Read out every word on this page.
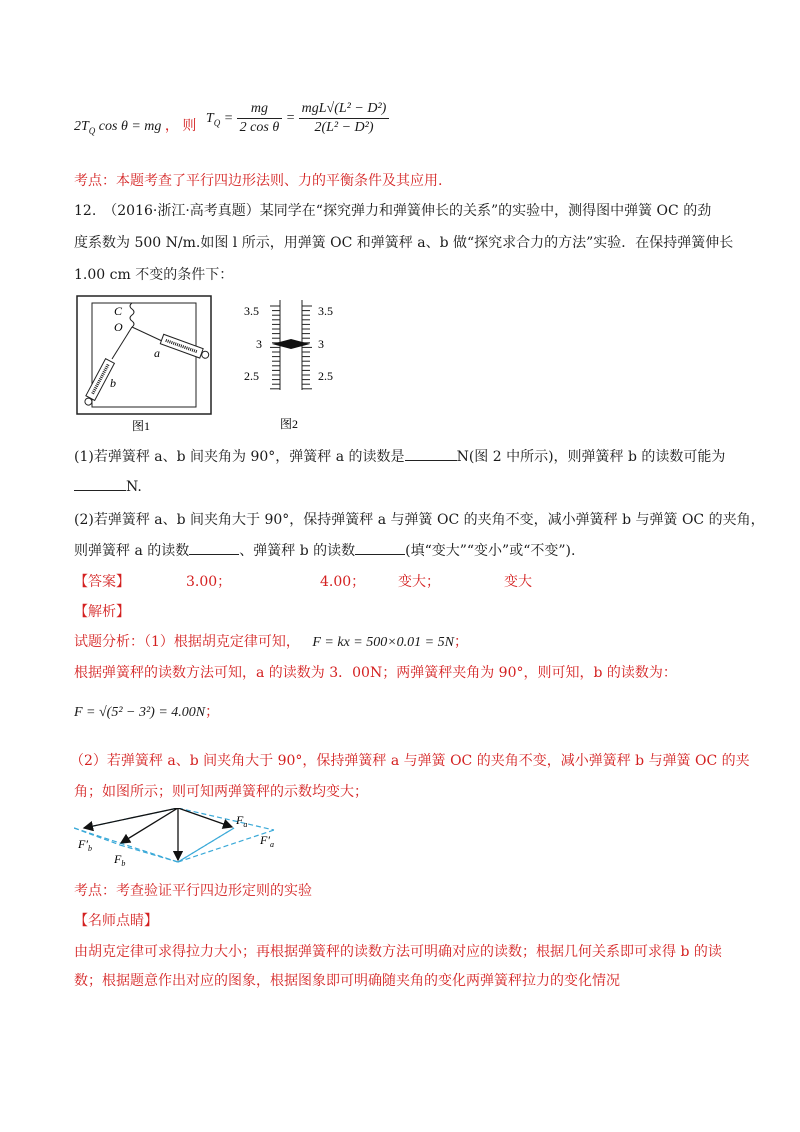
$2T_Q$ cos θ = mg ， 则 $T_Q = \frac{mg}{\text{2 cos θ}} = \frac{\text{mgL√(L² − D²)}}{\text{2(L² − D²)}}$
考点：本题考查了平行四边形法则、力的平衡条件及其应用.
12.　（2016·浙江·高考真题）某同学在“探究弹力和弹簧伸长的关系”的实验中，测得图中弹簧 OC 的劲
度系数为 500 N/m.如图 l 所示，用弹簧 OC 和弹簧秤 a、b 做“探究求合力的方法”实验．在保持弹簧伸长
1.00 cm 不变的条件下：
C
O
a
b
图1
3.5
3
2.5
3.5
3
2.5
图2
(1)若弹簧秤 a、b 间夹角为 90°，弹簧秤 a 的读数是	N(图 2 中所示)，则弹簧秤 b 的读数可能为
N.
(2)若弹簧秤 a、b 间夹角大于 90°，保持弹簧秤 a 与弹簧 OC 的夹角不变，减小弹簧秤 b 与弹簧 OC 的夹角，
则弹簧秤 a 的读数	、弹簧秤 b 的读数	(填“变大”“变小”或“不变”).
【答案】	3.00；	4.00； 变大；	变大
【解析】
试题分析：（1）根据胡克定律可知， F = kx = 500×0.01 = 5N；
根据弹簧秤的读数方法可知，a 的读数为 3．00N；两弹簧秤夹角为 90°，则可知，b 的读数为：
F = √(5² − 3²) = 4.00N；
（2）若弹簧秤 a、b 间夹角大于 90°，保持弹簧秤 a 与弹簧 OC 的夹角不变，减小弹簧秤 b 与弹簧 OC 的夹
角；如图所示；则可知两弹簧秤的示数均变大；
$F_a$
$F'_a$
$F'_b$
$F_b$
考点：考查验证平行四边形定则的实验
【名师点睛】
由胡克定律可求得拉力大小；再根据弹簧秤的读数方法可明确对应的读数；根据几何关系即可求得 b 的读
数；根据题意作出对应的图象，根据图象即可明确随夹角的变化两弹簧秤拉力的变化情况
